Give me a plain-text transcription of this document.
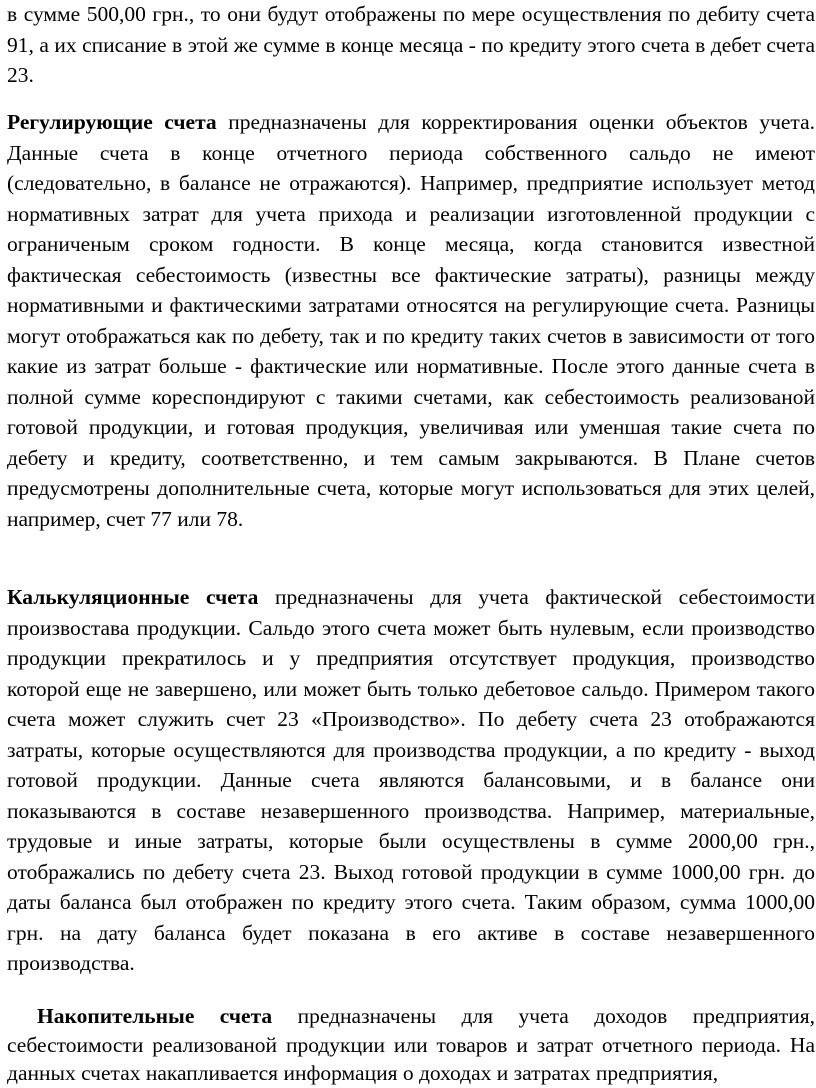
в сумме 500,00 грн., то они будут отображены по мере осуществления по дебиту счета 91, а их списание в этой же сумме в конце месяца - по кредиту этого счета в дебет счета 23.

Регулирующие счета предназначены для корректирования оценки объектов учета. Данные счета в конце отчетного периода собственного сальдо не имеют (следовательно, в балансе не отражаются). Например, предприятие использует метод нормативных затрат для учета прихода и реализации изготовленной продукции с ограниченым сроком годности. В конце месяца, когда становится известной фактическая себестоимость (известны все фактические затраты), разницы между нормативными и фактическими затратами относятся на регулирующие счета. Разницы могут отображаться как по дебету, так и по кредиту таких счетов в зависимости от того какие из затрат больше - фактические или нормативные. После этого данные счета в полной сумме кореспондируют с такими счетами, как себестоимость реализованой готовой продукции, и готовая продукция, увеличивая или уменшая такие счета по дебету и кредиту, соответственно, и тем самым закрываются. В Плане счетов предусмотрены дополнительные счета, которые могут использоваться для этих целей, например, счет 77 или 78.

Калькуляционные счета предназначены для учета фактической себестоимости произвостава продукции. Сальдо этого счета может быть нулевым, если производство продукции прекратилось и у предприятия отсутствует продукция, производство которой еще не завершено, или может быть только дебетовое сальдо. Примером такого счета может служить счет 23 «Производство». По дебету счета 23 отображаются затраты, которые осуществляются для производства продукции, а по кредиту - выход готовой продукции. Данные счета являются балансовыми, и в балансе они показываются в составе незавершенного производства. Например, материальные, трудовые и иные затраты, которые были осуществлены в сумме 2000,00 грн., отображались по дебету счета 23. Выход готовой продукции в сумме 1000,00 грн. до даты баланса был отображен по кредиту этого счета. Таким образом, сумма 1000,00 грн. на дату баланса будет показана в его активе в составе незавершенного производства.

Накопительные счета предназначены для учета доходов предприятия, себестоимости реализованой продукции или товаров и затрат отчетного периода. На данных счетах накапливается информация о доходах и затратах предприятия,
